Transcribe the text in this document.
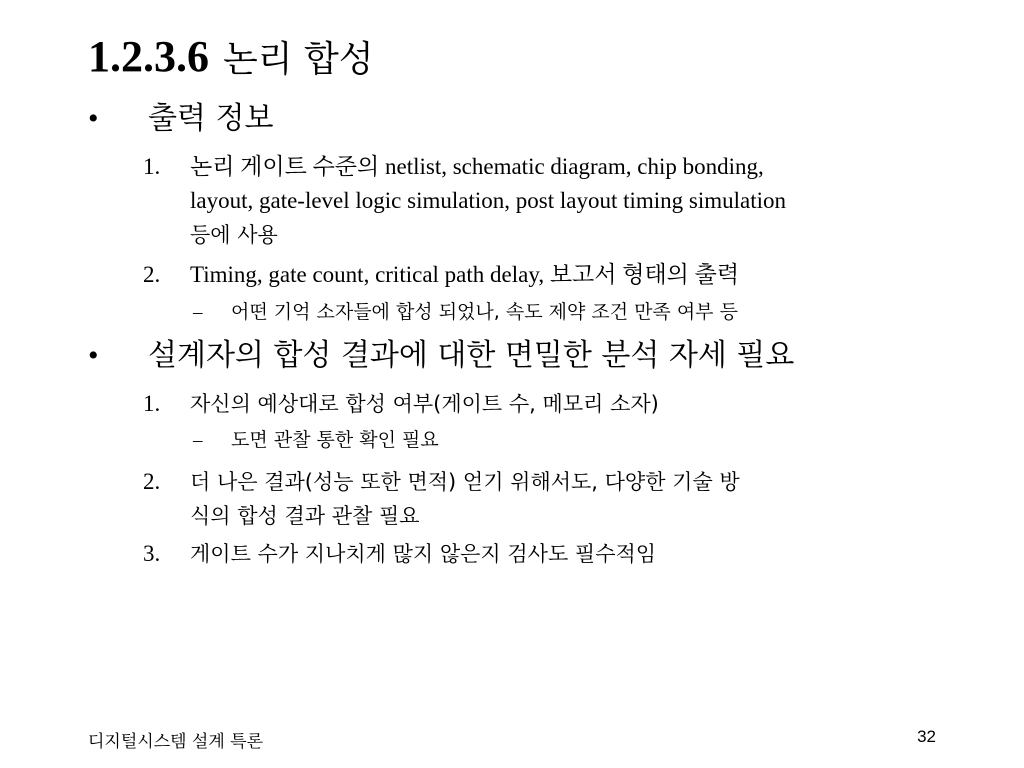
1.2.3.6 논리 합성
• 출력 정보
1.	논리 게이트 수준의 netlist, schematic diagram, chip bonding,
layout, gate-level logic simulation, post layout timing simulation
등에 사용
2.	Timing, gate count, critical path delay, 보고서 형태의 출력
– 어떤 기억 소자들에 합성 되었나, 속도 제약 조건 만족 여부 등
• 설계자의 합성 결과에 대한 면밀한 분석 자세 필요
1.	자신의 예상대로 합성 여부(게이트 수, 메모리 소자)
– 도면 관찰 통한 확인 필요
2.	더 나은 결과(성능 또한 면적) 얻기 위해서도, 다양한 기술 방
식의 합성 결과 관찰 필요
3.	게이트 수가 지나치게 많지 않은지 검사도 필수적임
디지털시스템 설계 특론	32
